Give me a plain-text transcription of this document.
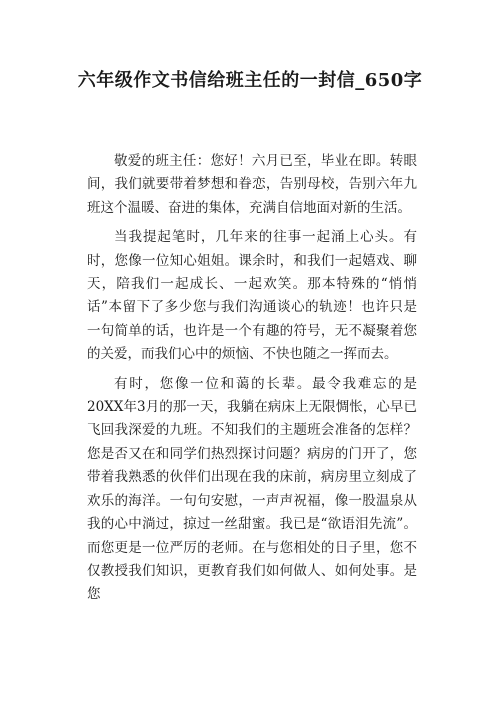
六年级作文书信给班主任的一封信_650字

敬爱的班主任：您好！六月已至，毕业在即。转眼间，我们就要带着梦想和眷恋，告别母校，告别六年九班这个温暖、奋进的集体，充满自信地面对新的生活。

当我提起笔时，几年来的往事一起涌上心头。有时，您像一位知心姐姐。课余时，和我们一起嬉戏、聊天，陪我们一起成长、一起欢笑。那本特殊的“悄悄话”本留下了多少您与我们沟通谈心的轨迹！也许只是一句简单的话，也许是一个有趣的符号，无不凝聚着您的关爱，而我们心中的烦恼、不快也随之一挥而去。

有时，您像一位和蔼的长辈。最令我难忘的是20XX年3月的那一天，我躺在病床上无限惆怅，心早已飞回我深爱的九班。不知我们的主题班会准备的怎样？您是否又在和同学们热烈探讨问题？病房的门开了，您带着我熟悉的伙伴们出现在我的床前，病房里立刻成了欢乐的海洋。一句句安慰，一声声祝福，像一股温泉从我的心中淌过，掠过一丝甜蜜。我已是“欲语泪先流”。而您更是一位严厉的老师。在与您相处的日子里，您不仅教授我们知识，更教育我们如何做人、如何处事。是您
